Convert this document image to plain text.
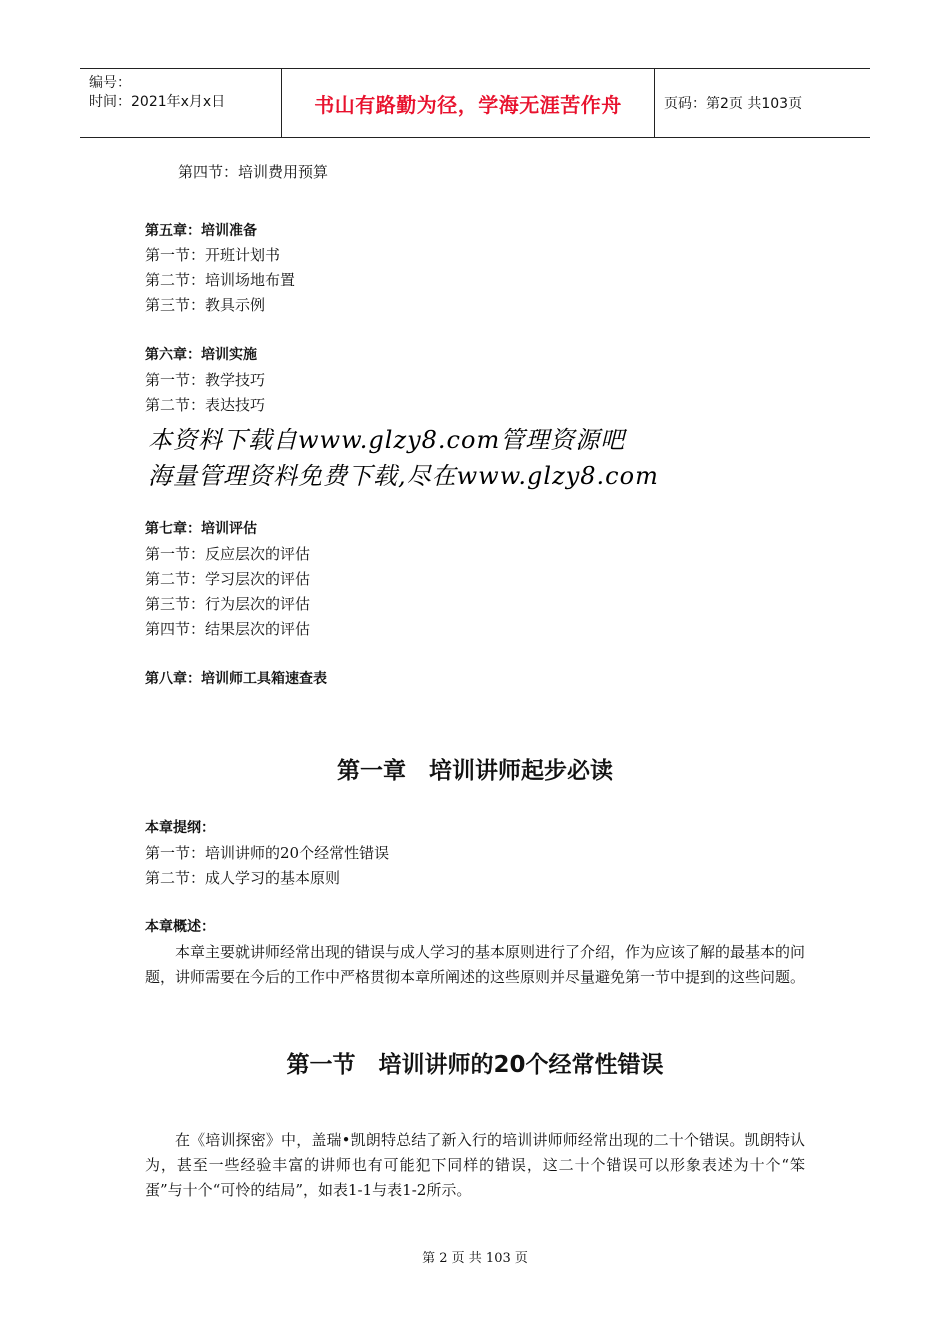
编号：
时间：2021年x月x日	书山有路勤为径，学海无涯苦作舟	页码：第2页 共103页
第四节：培训费用预算
第五章：培训准备
第一节：开班计划书
第二节：培训场地布置
第三节：教具示例
第六章：培训实施
第一节：教学技巧
第二节：表达技巧
本资料下载自www.glzy8.com管理资源吧
海量管理资料免费下载,尽在www.glzy8.com
第七章：培训评估
第一节：反应层次的评估
第二节：学习层次的评估
第三节：行为层次的评估
第四节：结果层次的评估
第八章：培训师工具箱速查表
第一章　培训讲师起步必读
本章提纲：
第一节：培训讲师的20个经常性错误
第二节：成人学习的基本原则
本章概述：
本章主要就讲师经常出现的错误与成人学习的基本原则进行了介绍，作为应该了解的最基本的问题，讲师需要在今后的工作中严格贯彻本章所阐述的这些原则并尽量避免第一节中提到的这些问题。
第一节　培训讲师的20个经常性错误
在《培训探密》中，盖瑞•凯朗特总结了新入行的培训讲师师经常出现的二十个错误。凯朗特认为，甚至一些经验丰富的讲师也有可能犯下同样的错误，这二十个错误可以形象表述为十个“笨蛋”与十个“可怜的结局”，如表1-1与表1-2所示。
第 2 页 共 103 页
